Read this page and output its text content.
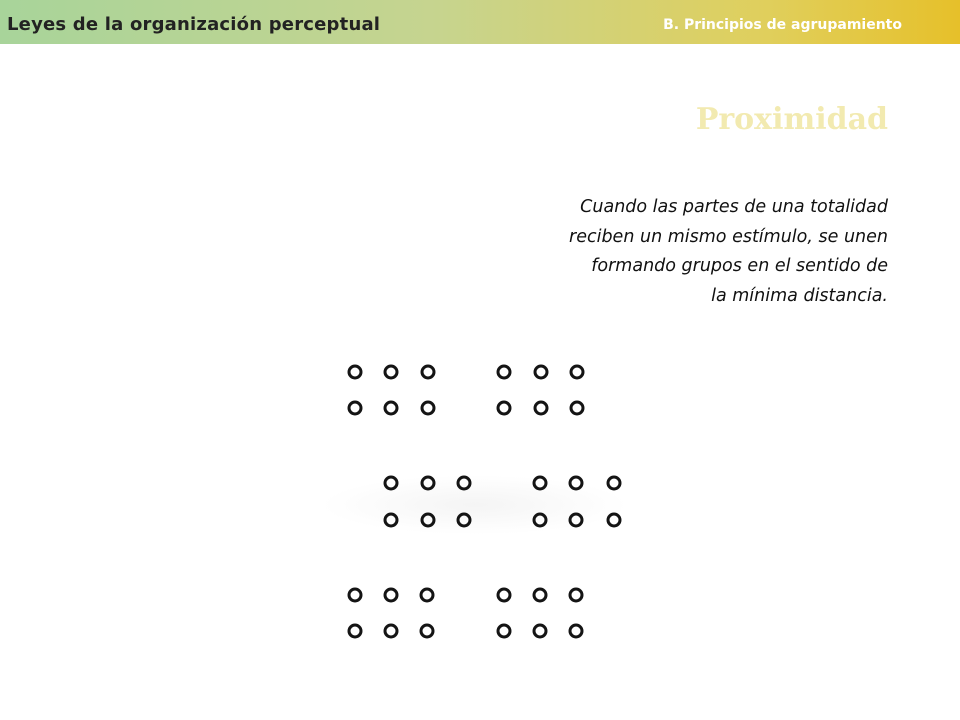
Leyes de la organización perceptual	B. Principios de agrupamiento
Proximidad

Cuando las partes de una totalidad
reciben un mismo estímulo, se unen
formando grupos en el sentido de
la mínima distancia.
